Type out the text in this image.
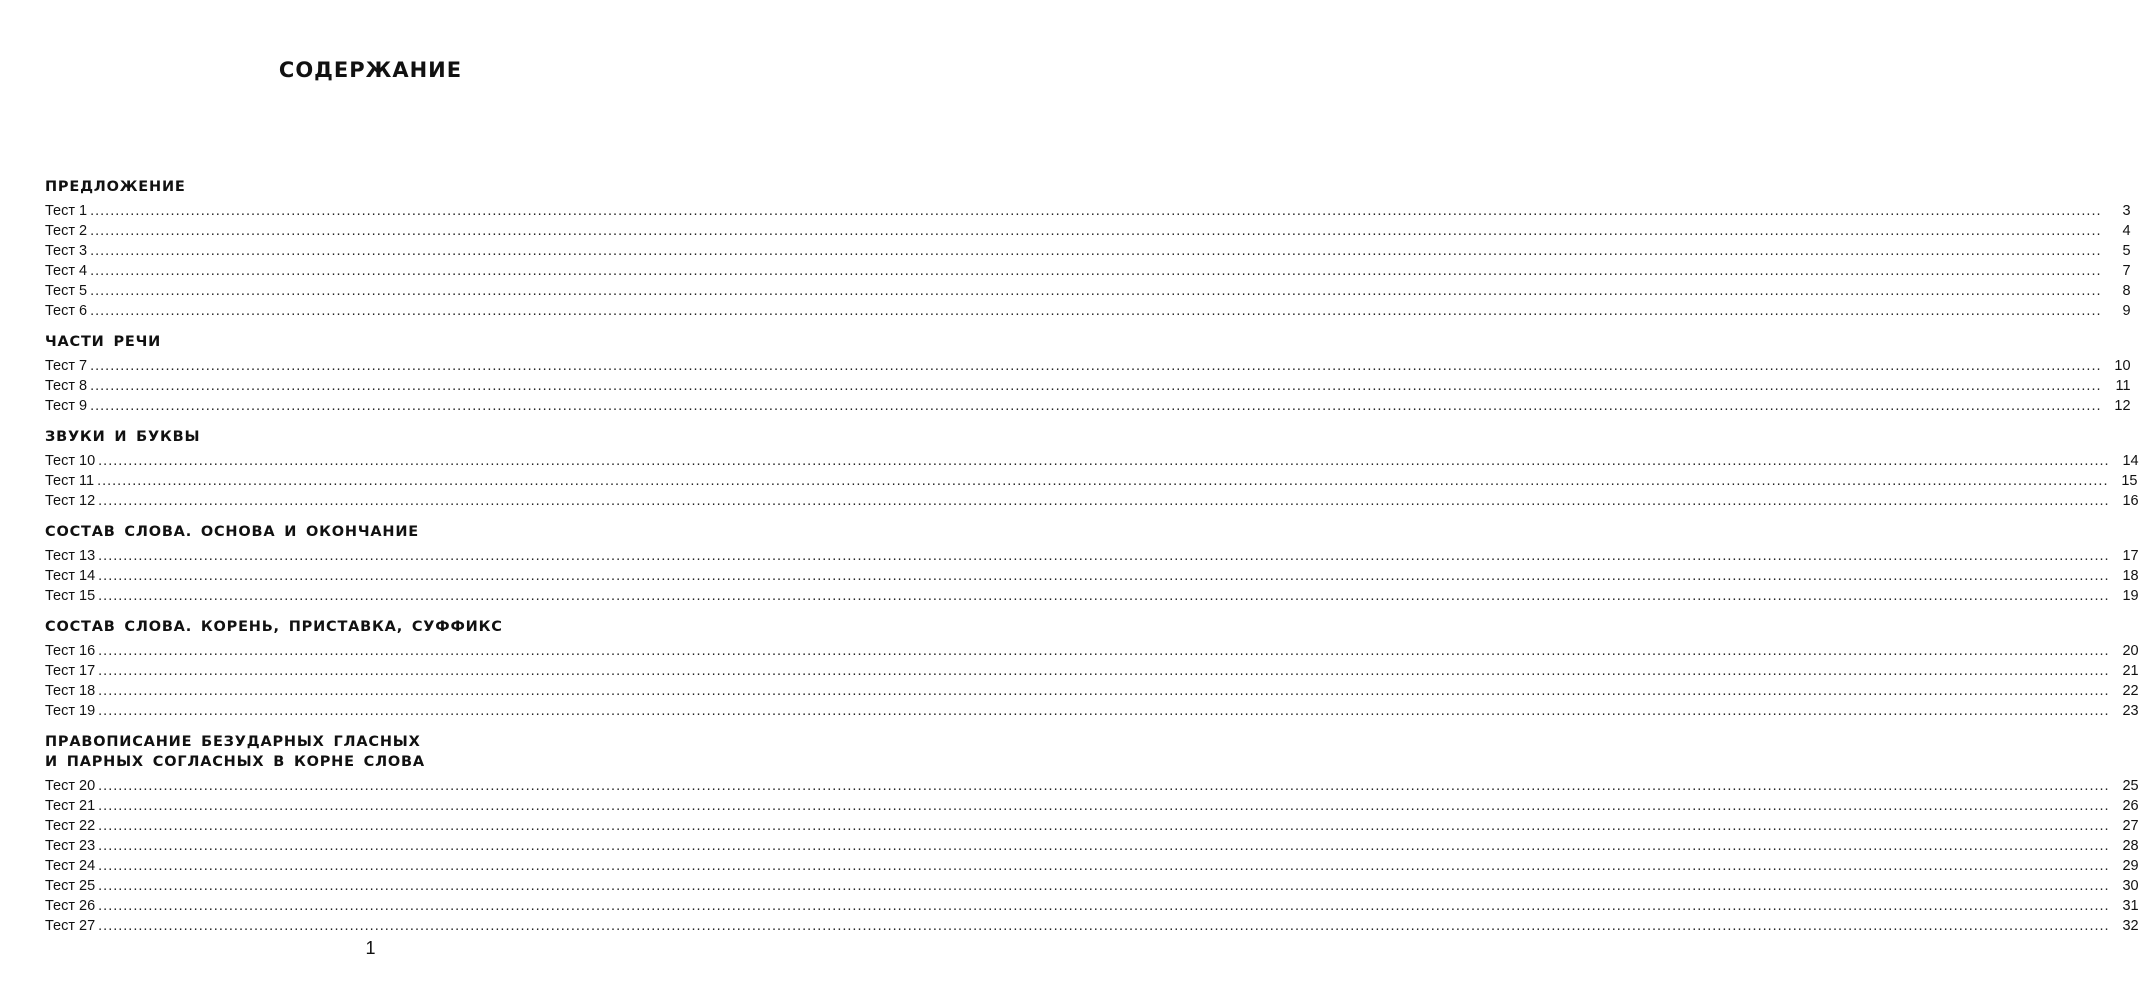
СОДЕРЖАНИЕ
ПРЕДЛОЖЕНИЕ
Тест 1 ................................................................................................................................................................................................................................................................................................................................................................................................................	3
Тест 2 ................................................................................................................................................................................................................................................................................................................................................................................................................	4
Тест 3 ................................................................................................................................................................................................................................................................................................................................................................................................................	5
Тест 4 ................................................................................................................................................................................................................................................................................................................................................................................................................	7
Тест 5 ................................................................................................................................................................................................................................................................................................................................................................................................................	8
Тест 6 ................................................................................................................................................................................................................................................................................................................................................................................................................	9
ЧАСТИ РЕЧИ
Тест 7 ................................................................................................................................................................................................................................................................................................................................................................................................................ 10
Тест 8 ................................................................................................................................................................................................................................................................................................................................................................................................................ 11
Тест 9 ................................................................................................................................................................................................................................................................................................................................................................................................................ 12
ЗВУКИ И БУКВЫ
Тест 10 ................................................................................................................................................................................................................................................................................................................................................................................................................ 14
Тест 11 ................................................................................................................................................................................................................................................................................................................................................................................................................ 15
Тест 12 ................................................................................................................................................................................................................................................................................................................................................................................................................ 16
СОСТАВ СЛОВА. ОСНОВА И ОКОНЧАНИЕ
Тест 13 ................................................................................................................................................................................................................................................................................................................................................................................................................ 17
Тест 14 ................................................................................................................................................................................................................................................................................................................................................................................................................ 18
Тест 15 ................................................................................................................................................................................................................................................................................................................................................................................................................ 19
СОСТАВ СЛОВА. КОРЕНЬ, ПРИСТАВКА, СУФФИКС
Тест 16 ................................................................................................................................................................................................................................................................................................................................................................................................................ 20
Тест 17 ................................................................................................................................................................................................................................................................................................................................................................................................................ 21
Тест 18 ................................................................................................................................................................................................................................................................................................................................................................................................................ 22
Тест 19 ................................................................................................................................................................................................................................................................................................................................................................................................................ 23
ПРАВОПИСАНИЕ БЕЗУДАРНЫХ ГЛАСНЫХ
И ПАРНЫХ СОГЛАСНЫХ В КОРНЕ СЛОВА
Тест 20 ................................................................................................................................................................................................................................................................................................................................................................................................................ 25
Тест 21 ................................................................................................................................................................................................................................................................................................................................................................................................................ 26
Тест 22 ................................................................................................................................................................................................................................................................................................................................................................................................................ 27
Тест 23 ................................................................................................................................................................................................................................................................................................................................................................................................................ 28
Тест 24 ................................................................................................................................................................................................................................................................................................................................................................................................................ 29
Тест 25 ................................................................................................................................................................................................................................................................................................................................................................................................................ 30
Тест 26 ................................................................................................................................................................................................................................................................................................................................................................................................................ 31
Тест 27 ................................................................................................................................................................................................................................................................................................................................................................................................................ 32
1
